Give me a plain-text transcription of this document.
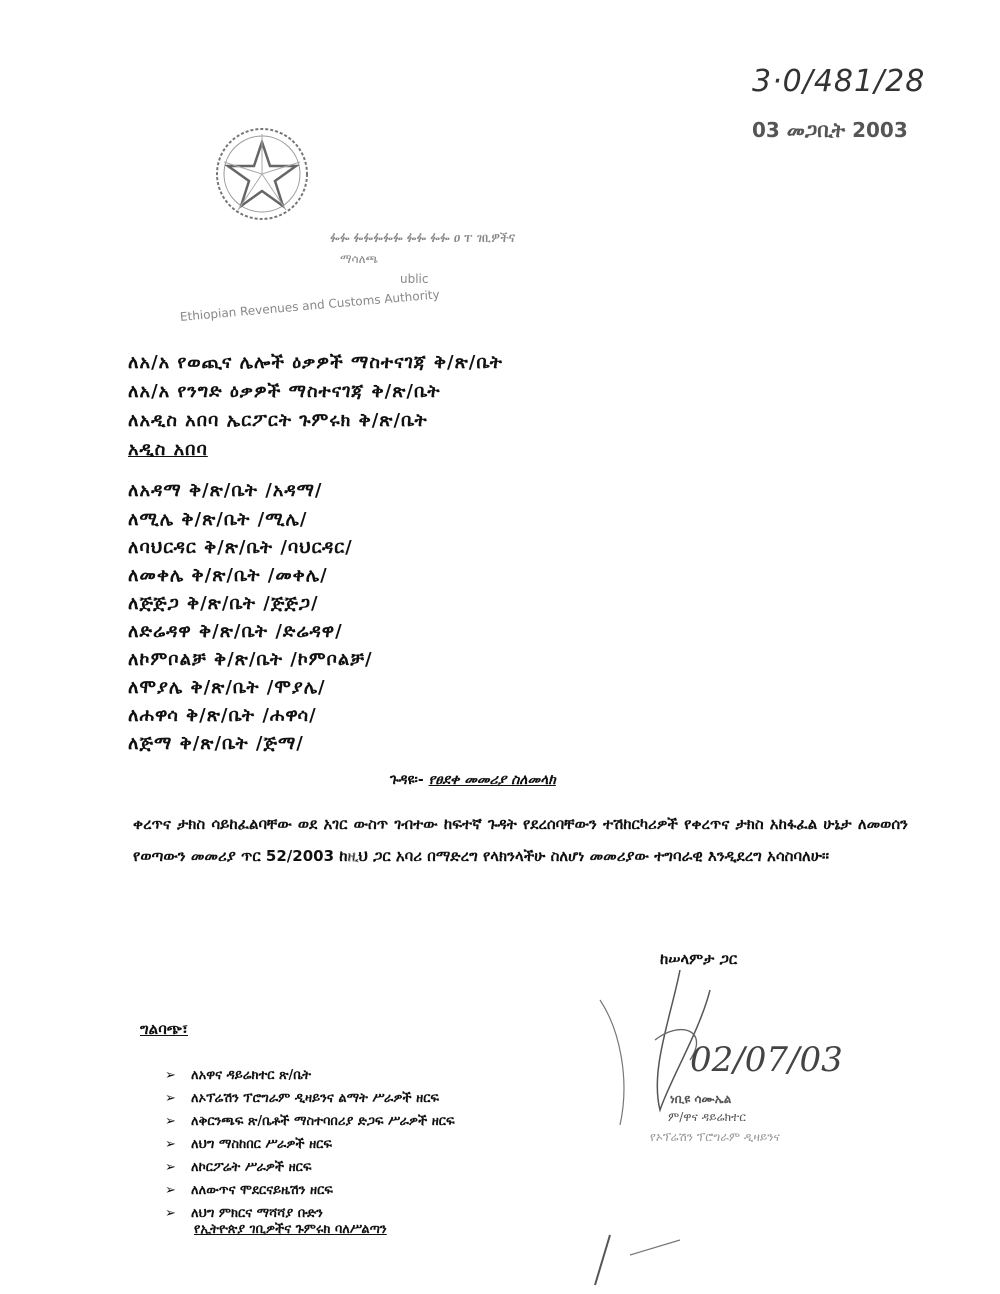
3·0/481/28
03 መጋቢት 2003
ᎊᎊ ᎊᎊᎊᎊᎊ ᎊᎊ ᎊᎊ ዐ ፐ ገቢዎችና
ማሳለጫ
ublic
Ethiopian Revenues and Customs Authority
ለአ/አ የወጪና ሌሎች ዕቃዎች ማስተናገጃ ቅ/ጽ/ቤት
ለአ/አ የንግድ ዕቃዎች ማስተናገጃ ቅ/ጽ/ቤት
ለአዲስ አበባ ኤርፖርት ጉምሩክ ቅ/ጽ/ቤት
አዲስ አበባ
ለአዳማ ቅ/ጽ/ቤት /አዳማ/
ለሚሌ ቅ/ጽ/ቤት /ሚሌ/
ለባህርዳር ቅ/ጽ/ቤት /ባህርዳር/
ለመቀሌ ቅ/ጽ/ቤት /መቀሌ/
ለጅጅጋ ቅ/ጽ/ቤት /ጅጅጋ/
ለድሬዳዋ ቅ/ጽ/ቤት /ድሬዳዋ/
ለኮምቦልቻ ቅ/ጽ/ቤት /ኮምቦልቻ/
ለሞያሌ ቅ/ጽ/ቤት /ሞያሌ/
ለሐዋሳ ቅ/ጽ/ቤት /ሐዋሳ/
ለጅማ ቅ/ጽ/ቤት /ጅማ/
ጉዳዩ፡- የፀደቀ መመሪያ ስለመላክ
ቀረጥና ታክስ ሳይከፈልባቸው ወደ አገር ውስጥ ገብተው ከፍተኛ ጉዳት የደረሰባቸውን ተሽከርካሪዎች የቀረጥና ታክስ አከፋፈል ሁኔታ ለመወሰን የወጣውን መመሪያ ጥር 52/2003 ከዚህ ጋር አባሪ በማድረግ የላክንላችሁ ስለሆነ መመሪያው ተግባራዊ እንዲደረግ አሳስባለሁ፡፡
ከሠላምታ ጋር
02/07/03
ነቢዩ ሳሙኤል
ም/ዋና ዳይሬክተር
የኦፕሬሽን ፕሮግራም ዲዛይንና
ግልባጭ፣
➢ ለአዋና ዳይሬክተር ጽ/ቤት
➢ ለኦፕሬሽን ፕሮግራም ዲዛይንና ልማት ሥራዎች ዘርፍ
➢ ለቅርንጫፍ ጽ/ቤቶች ማስተባበሪያ ድጋፍ ሥራዎች ዘርፍ
➢ ለህግ ማስከበር ሥራዎች ዘርፍ
➢ ለኮርፖሬት ሥራዎች ዘርፍ
➢ ለለውጥና ሞደርናይዜሽን ዘርፍ
➢ ለህግ ምክርና ማሻሻያ ቡድን
የኢትዮጵያ ገቢዎችና ጉምሩክ ባለሥልጣን
